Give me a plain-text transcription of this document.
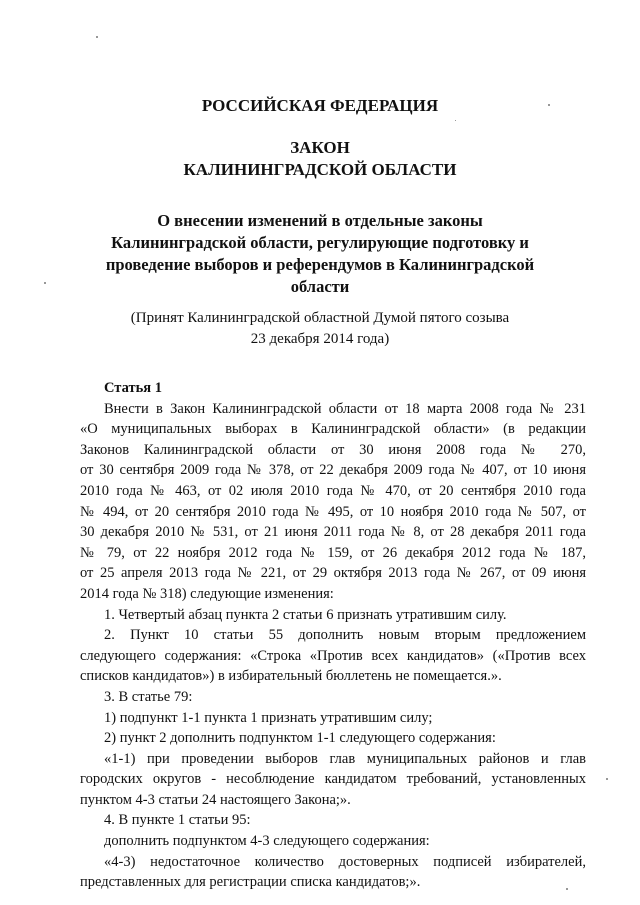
РОССИЙСКАЯ ФЕДЕРАЦИЯ
ЗАКОН
КАЛИНИНГРАДСКОЙ ОБЛАСТИ
О внесении изменений в отдельные законы
Калининградской области, регулирующие подготовку и
проведение выборов и референдумов в Калининградской
области
(Принят Калининградской областной Думой пятого созыва
23 декабря 2014 года)

Статья 1

Внести в Закон Калининградской области от 18 марта 2008 года № 231

«О муниципальных выборах в Калининградской области» (в редакции

Законов Калининградской области от 30 июня 2008 года № 270,

от 30 сентября 2009 года № 378, от 22 декабря 2009 года № 407, от 10 июня

2010 года № 463, от 02 июля 2010 года № 470, от 20 сентября 2010 года

№ 494, от 20 сентября 2010 года № 495, от 10 ноября 2010 года № 507, от

30 декабря 2010 № 531, от 21 июня 2011 года № 8, от 28 декабря 2011 года

№ 79, от 22 ноября 2012 года № 159, от 26 декабря 2012 года № 187,

от 25 апреля 2013 года № 221, от 29 октября 2013 года № 267, от 09 июня

2014 года № 318) следующие изменения:

1. Четвертый абзац пункта 2 статьи 6 признать утратившим силу.

2. Пункт 10 статьи 55 дополнить новым вторым предложением

следующего содержания: «Строка «Против всех кандидатов» («Против всех

списков кандидатов») в избирательный бюллетень не помещается.».

3. В статье 79:

1) подпункт 1-1 пункта 1 признать утратившим силу;

2) пункт 2 дополнить подпунктом 1-1 следующего содержания:

«1-1) при проведении выборов глав муниципальных районов и глав

городских округов - несоблюдение кандидатом требований, установленных

пунктом 4-3 статьи 24 настоящего Закона;».

4. В пункте 1 статьи 95:

дополнить подпунктом 4-3 следующего содержания:

«4-3) недостаточное количество достоверных подписей избирателей,

представленных для регистрации списка кандидатов;».
